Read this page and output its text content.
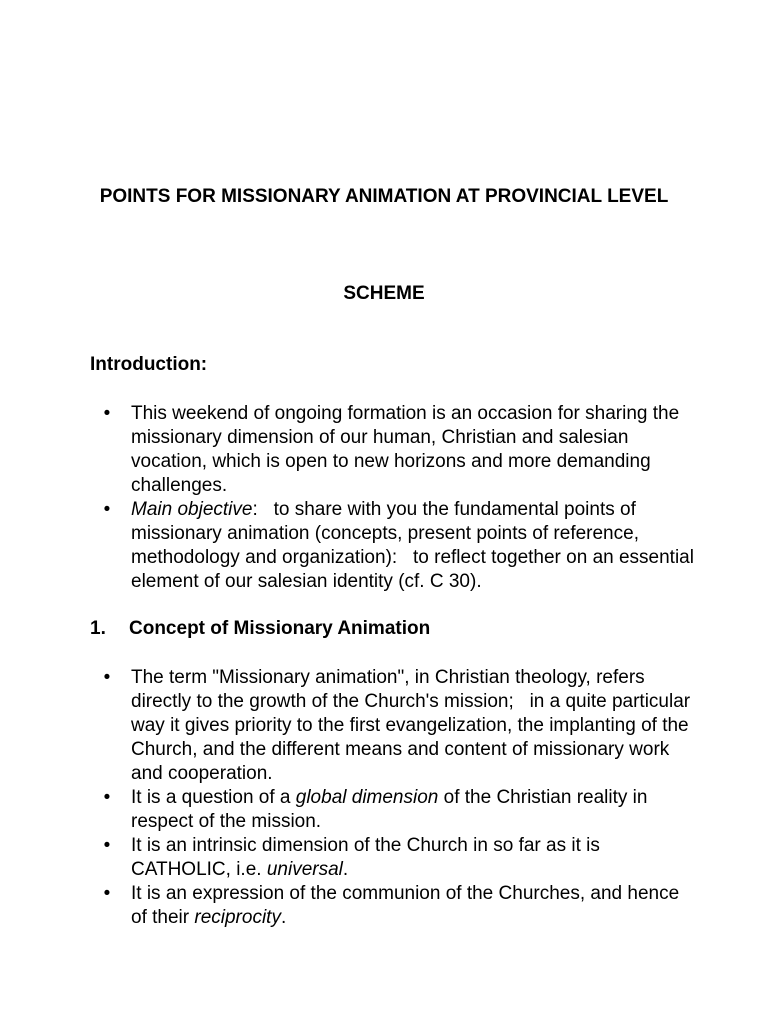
POINTS FOR MISSIONARY ANIMATION AT PROVINCIAL LEVEL
SCHEME
Introduction:
• This weekend of ongoing formation is an occasion for sharing the missionary dimension of our human, Christian and salesian vocation, which is open to new horizons and more demanding challenges.
• Main objective:   to share with you the fundamental points of missionary animation (concepts, present points of reference, methodology and organization):   to reflect together on an essential element of our salesian identity (cf. C 30).
1. Concept of Missionary Animation
• The term "Missionary animation", in Christian theology, refers directly to the growth of the Church's mission;   in a quite particular way it gives priority to the first evangelization, the implanting of the Church, and the different means and content of missionary work and cooperation.
• It is a question of a global dimension of the Christian reality in respect of the mission.
• It is an intrinsic dimension of the Church in so far as it is CATHOLIC, i.e. universal.
• It is an expression of the communion of the Churches, and hence of their reciprocity.
